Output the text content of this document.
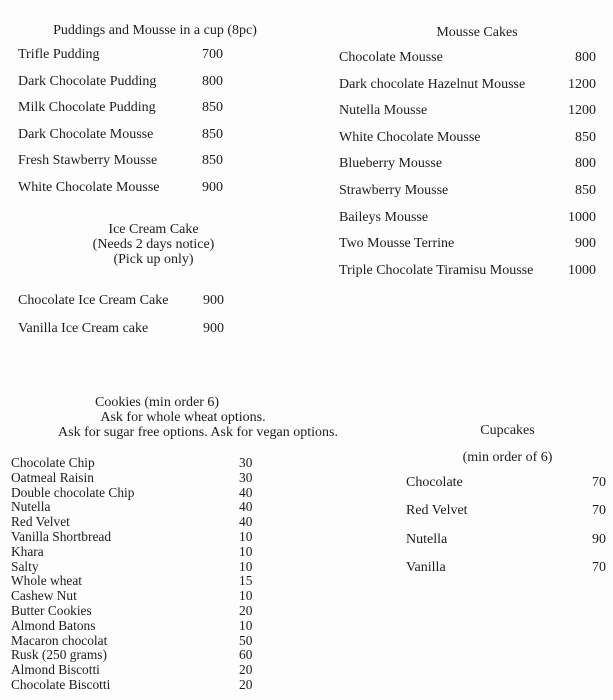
Puddings and Mousse in a cup (8pc)
Trifle Pudding	700
Dark Chocolate Pudding	800
Milk Chocolate Pudding	850
Dark Chocolate Mousse	850
Fresh Stawberry Mousse	850
White Chocolate Mousse	900
Mousse Cakes
Chocolate Mousse	800
Dark chocolate Hazelnut Mousse	1200
Nutella Mousse	1200
White Chocolate Mousse	850
Blueberry Mousse	800
Strawberry Mousse	850
Baileys Mousse	1000
Two Mousse Terrine	900
Triple Chocolate Tiramisu Mousse 1000
Ice Cream Cake
(Needs 2 days notice)
(Pick up only)
Chocolate Ice Cream Cake 900
Vanilla Ice Cream cake	900
Cookies (min order 6)
Ask for whole wheat options.
Ask for sugar free options. Ask for vegan options.
Chocolate Chip	30
Oatmeal Raisin	30
Double chocolate Chip	40
Nutella	40
Red Velvet	40
Vanilla Shortbread	10
Khara	10
Salty	10
Whole wheat	15
Cashew Nut	10
Butter Cookies	20
Almond Batons	10
Macaron chocolat	50
Rusk (250 grams)	60
Almond Biscotti	20
Chocolate Biscotti	20
Cupcakes
(min order of 6)
Chocolate	70
Red Velvet	70
Nutella	90
Vanilla	70
